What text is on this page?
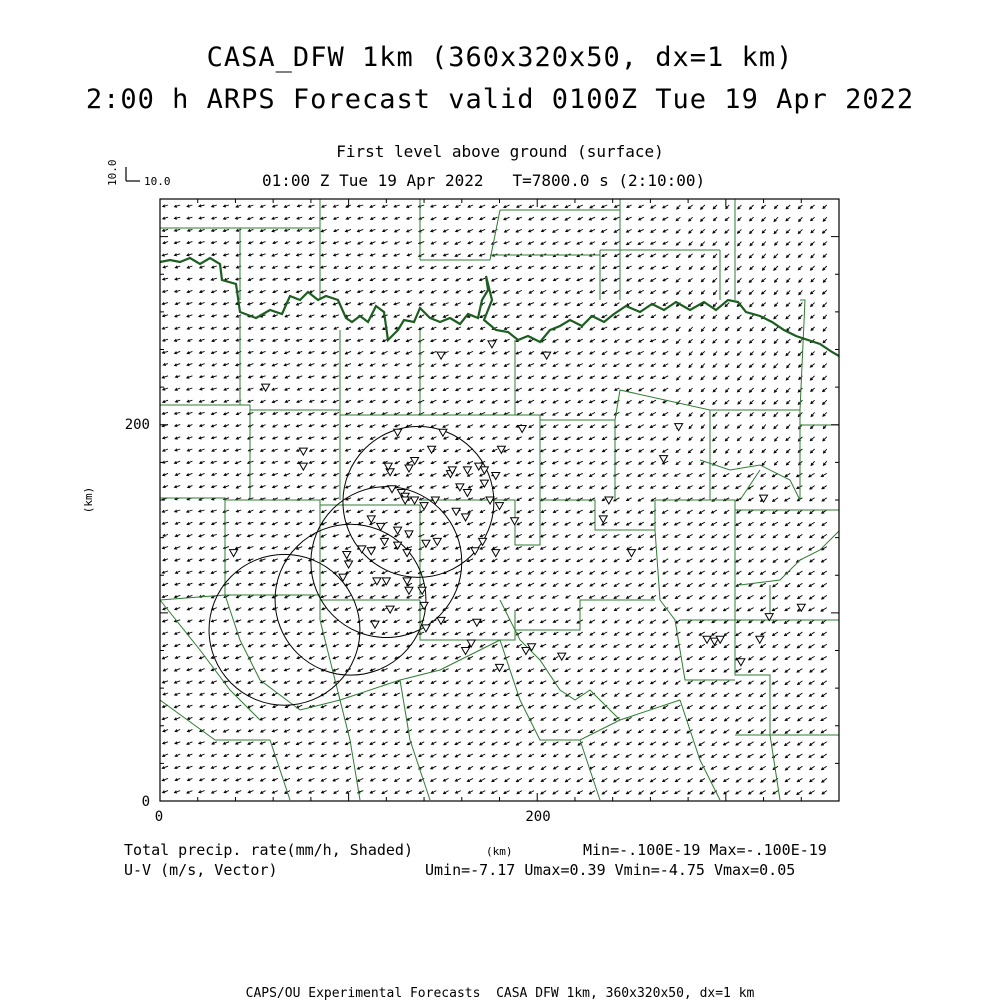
CASA_DFW 1km (360x320x50, dx=1 km)
2:00 h ARPS Forecast valid 0100Z Tue 19 Apr 2022
First level above ground (surface)
01:00 Z Tue 19 Apr 2022   T=7800.0 s (2:10:00)
10.0 10.0
0	200
0
200
(km)
Total precip. rate(mm/h, Shaded)
U-V (m/s, Vector)
(km)	Min=-.100E-19 Max=-.100E-19
Umin=-7.17 Umax=0.39 Vmin=-4.75 Vmax=0.05
CAPS/OU Experimental Forecasts  CASA DFW 1km, 360x320x50, dx=1 km
